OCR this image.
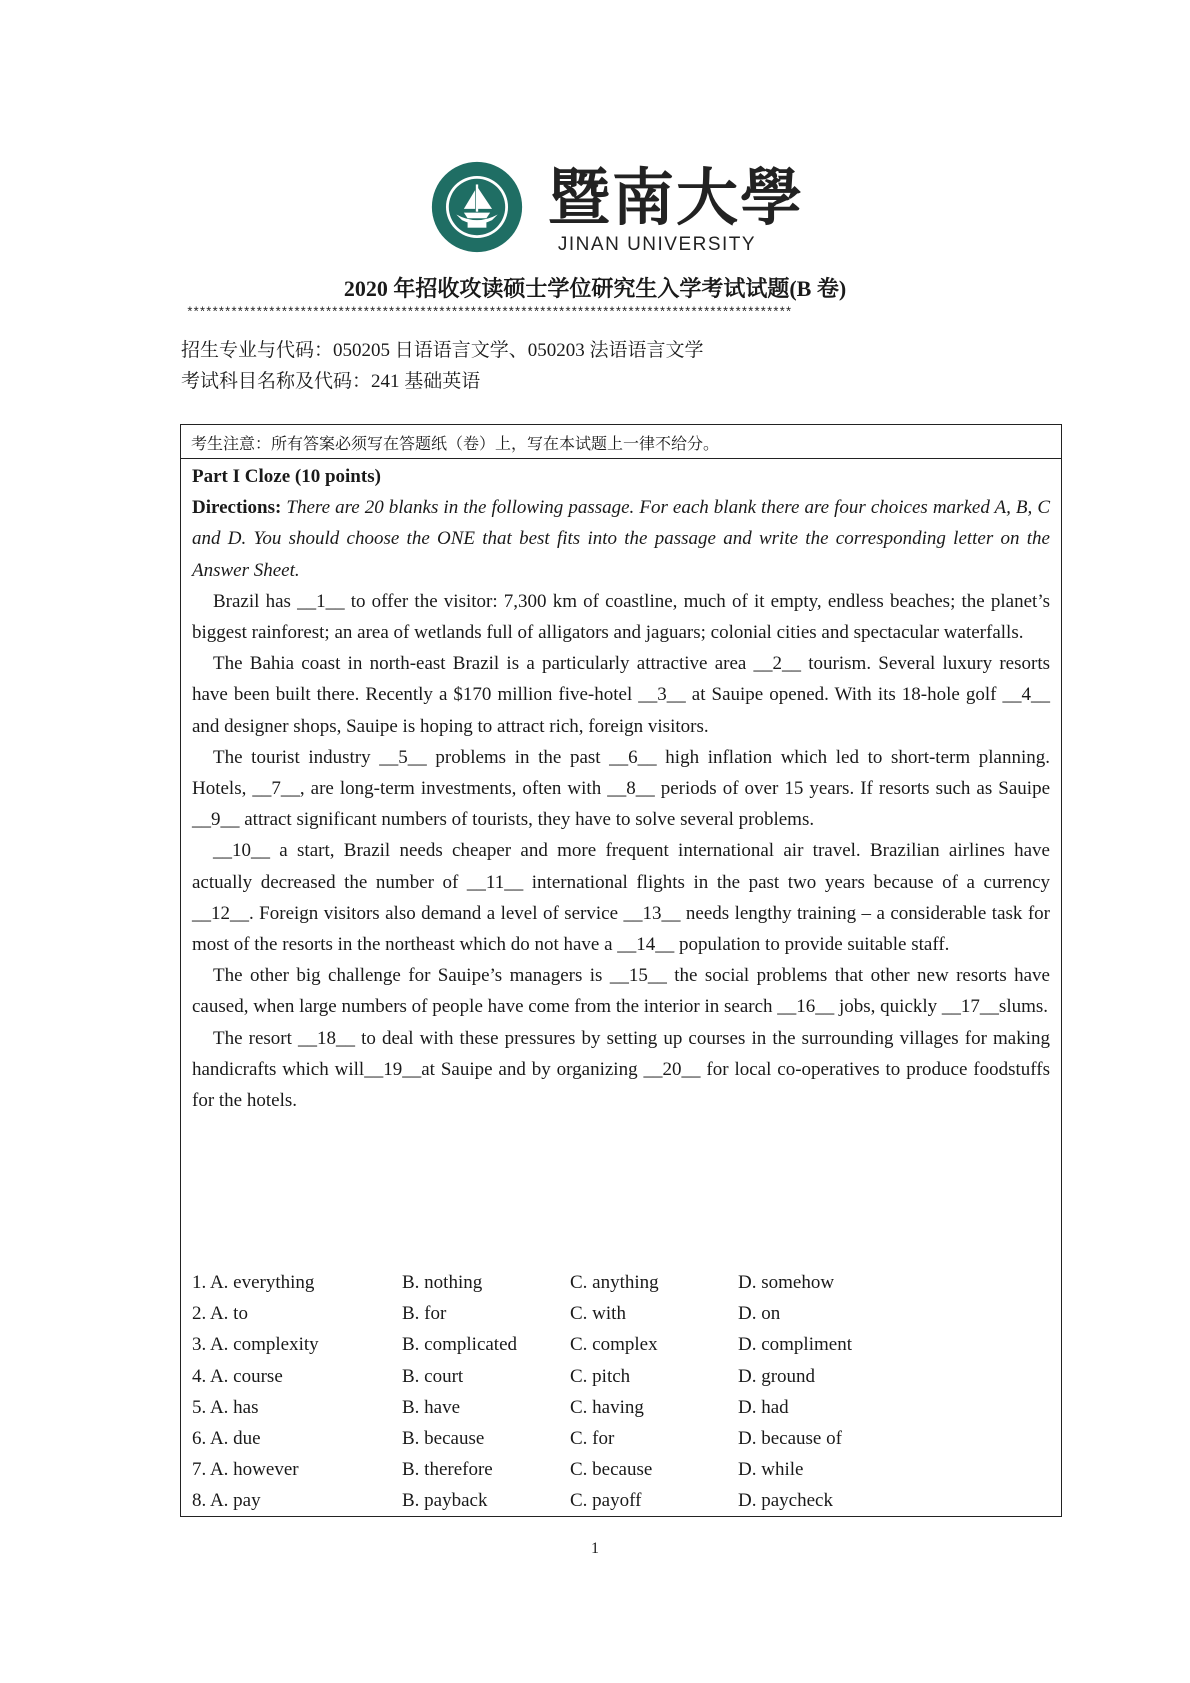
暨南大學
JINAN UNIVERSITY
2020 年招收攻读硕士学位研究生入学考试试题(B 卷)
************************************************************************************************
招生专业与代码：050205 日语语言文学、050203 法语语言文学
考试科目名称及代码：241 基础英语
考生注意：所有答案必须写在答题纸（卷）上，写在本试题上一律不给分。

Part I Cloze (10 points)

Directions: There are 20 blanks in the following passage. For each blank there are four choices marked A, B, C and D. You should choose the ONE that best fits into the passage and write the corresponding letter on the Answer Sheet.

Brazil has __1__ to offer the visitor: 7,300 km of coastline, much of it empty, endless beaches; the planet’s biggest rainforest; an area of wetlands full of alligators and jaguars; colonial cities and spectacular waterfalls.

The Bahia coast in north-east Brazil is a particularly attractive area __2__ tourism. Several luxury resorts have been built there. Recently a $170 million five-hotel __3__ at Sauipe opened. With its 18-hole golf __4__ and designer shops, Sauipe is hoping to attract rich, foreign visitors.

The tourist industry __5__ problems in the past __6__ high inflation which led to short-term planning. Hotels, __7__, are long-term investments, often with __8__ periods of over 15 years. If resorts such as Sauipe __9__ attract significant numbers of tourists, they have to solve several problems.

__10__ a start, Brazil needs cheaper and more frequent international air travel. Brazilian airlines have actually decreased the number of __11__ international flights in the past two years because of a currency __12__. Foreign visitors also demand a level of service __13__ needs lengthy training – a considerable task for most of the resorts in the northeast which do not have a __14__ population to provide suitable staff.

The other big challenge for Sauipe’s managers is __15__ the social problems that other new resorts have caused, when large numbers of people have come from the interior in search __16__ jobs, quickly __17__slums.

The resort __18__ to deal with these pressures by setting up courses in the surrounding villages for making handicrafts which will__19__at Sauipe and by organizing __20__ for local co-operatives to produce foodstuffs for the hotels.

1. A. everything	B. nothing	C. anything	D. somehow
2. A. to	B. for	C. with	D. on
3. A. complexity	B. complicated	C. complex	D. compliment
4. A. course	B. court	C. pitch	D. ground
5. A. has	B. have	C. having	D. had
6. A. due	B. because	C. for	D. because of
7. A. however	B. therefore	C. because	D. while
8. A. pay	B. payback	C. payoff	D. paycheck
1
